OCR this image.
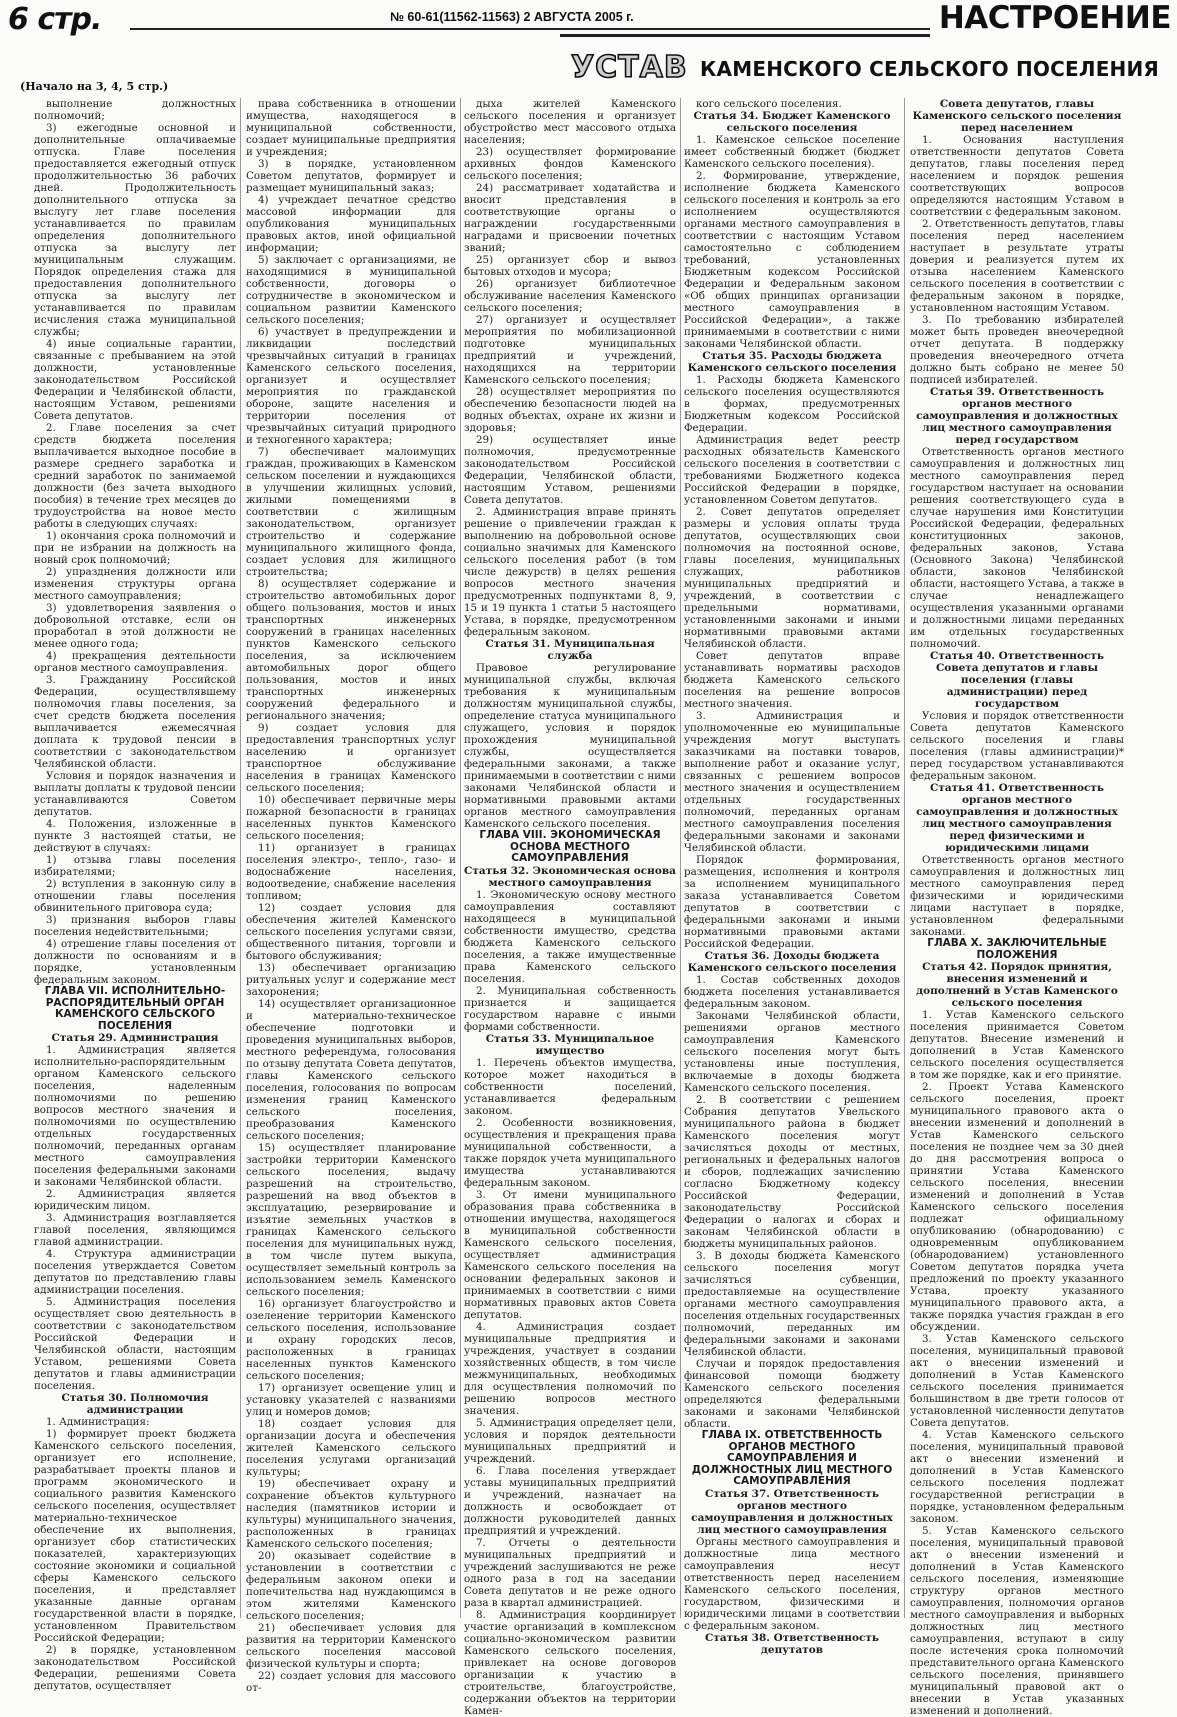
6 стр.	№ 60-61(11562-11563) 2 АВГУСТА 2005 г.	НАСТРОЕНИЕ
УСТАВ КАМЕНСКОГО СЕЛЬСКОГО ПОСЕЛЕНИЯ
(Начало на 3, 4, 5 стр.)

выполнение должностных полномочий;

3) ежегодные основной и дополнительные оплачиваемые отпуска. Главе поселения предоставляется ежегодный отпуск продолжительностью 36 рабочих дней. Продолжительность дополнительного отпуска за выслугу лет главе поселения устанавливается по правилам определения дополнительного отпуска за выслугу лет муниципальным служащим. Порядок определения стажа для предоставления дополнительного отпуска за выслугу лет устанавливается по правилам исчисления стажа муниципальной службы;

4) иные социальные гарантии, связанные с пребыванием на этой должности, установленные законодательством Российской Федерации и Челябинской области, настоящим Уставом, решениями Совета депутатов.

2. Главе поселения за счет средств бюджета поселения выплачивается выходное пособие в размере среднего заработка и средний заработок по занимаемой должности (без зачета выходного пособия) в течение трех месяцев до трудоустройства на новое место работы в следующих случаях:

1) окончания срока полномочий и при не избрании на должность на новый срок полномочий;

2) упразднения должности или изменения структуры органа местного самоуправления;

3) удовлетворения заявления о добровольной отставке, если он проработал в этой должности не менее одного года;

4) прекращения деятельности органов местного самоуправления.

3. Гражданину Российской Федерации, осуществлявшему полномочия главы поселения, за счет средств бюджета поселения выплачивается ежемесячная доплата к трудовой пенсии в соответствии с законодательством Челябинской области.

Условия и порядок назначения и выплаты доплаты к трудовой пенсии устанавливаются Советом депутатов.

4. Положения, изложенные в пункте 3 настоящей статьи, не действуют в случаях:

1) отзыва главы поселения избирателями;

2) вступления в законную силу в отношении главы поселения обвинительного приговора суда;

3) признания выборов главы поселения недействительными;

4) отрешение главы поселения от должности по основаниям и в порядке, установленным федеральным законом.

ГЛАВА VII. ИСПОЛНИТЕЛЬНО-РАСПОРЯДИТЕЛЬНЫЙ ОРГАН КАМЕНСКОГО СЕЛЬСКОГО ПОСЕЛЕНИЯ

Статья 29. Администрация

1. Администрация является исполнительно-распорядительным органом Каменского сельского поселения, наделенным полномочиями по решению вопросов местного значения и полномочиями по осуществлению отдельных государственных полномочий, переданных органам местного самоуправления поселения федеральными законами и законами Челябинской области.

2. Администрация является юридическим лицом.

3. Администрация возглавляется главой поселения, являющимся главой администрации.

4. Структура администрации поселения утверждается Советом депутатов по представлению главы администрации поселения.

5. Администрация поселения осуществляет свою деятельность в соответствии с законодательством Российской Федерации и Челябинской области, настоящим Уставом, решениями Совета депутатов и главы администрации поселения.

Статья 30. Полномочия администрации

1. Администрация:

1) формирует проект бюджета Каменского сельского поселения, организует его исполнение, разрабатывает проекты планов и программ экономического и социального развития Каменского сельского поселения, осуществляет материально-техническое обеспечение их выполнения, организует сбор статистических показателей, характеризующих состояние экономики и социальной сферы Каменского сельского поселения, и представляет указанные данные органам государственной власти в порядке, установленном Правительством Российской Федерации;

2) в порядке, установленном законодательством Российской Федерации, решениями Совета депутатов, осуществляет

права собственника в отношении имущества, находящегося в муниципальной собственности, создает муниципальные предприятия и учреждения;

3) в порядке, установленном Советом депутатов, формирует и размещает муниципальный заказ;

4) учреждает печатное средство массовой информации для опубликования муниципальных правовых актов, иной официальной информации;

5) заключает с организациями, не находящимися в муниципальной собственности, договоры о сотрудничестве в экономическом и социальном развитии Каменского сельского поселения;

6) участвует в предупреждении и ликвидации последствий чрезвычайных ситуаций в границах Каменского сельского поселения, организует и осуществляет мероприятия по гражданской обороне, защите населения и территории поселения от чрезвычайных ситуаций природного и техногенного характера;

7) обеспечивает малоимущих граждан, проживающих в Каменском сельском поселении и нуждающихся в улучшении жилищных условий, жилыми помещениями в соответствии с жилищным законодательством, организует строительство и содержание муниципального жилищного фонда, создает условия для жилищного строительства;

8) осуществляет содержание и строительство автомобильных дорог общего пользования, мостов и иных транспортных инженерных сооружений в границах населенных пунктов Каменского сельского поселения, за исключением автомобильных дорог общего пользования, мостов и иных транспортных инженерных сооружений федерального и регионального значения;

9) создает условия для предоставления транспортных услуг населению и организует транспортное обслуживание населения в границах Каменского сельского поселения;

10) обеспечивает первичные меры пожарной безопасности в границах населенных пунктов Каменского сельского поселения;

11) организует в границах поселения электро-, тепло-, газо- и водоснабжение населения, водоотведение, снабжение населения топливом;

12) создает условия для обеспечения жителей Каменского сельского поселения услугами связи, общественного питания, торговли и бытового обслуживания;

13) обеспечивает организацию ритуальных услуг и содержание мест захоронения;

14) осуществляет организационное и материально-техническое обеспечение подготовки и проведения муниципальных выборов, местного референдума, голосования по отзыву депутата Совета депутатов, главы Каменского сельского поселения, голосования по вопросам изменения границ Каменского сельского поселения, преобразования Каменского сельского поселения;

15) осуществляет планирование застройки территории Каменского сельского поселения, выдачу разрешений на строительство, разрешений на ввод объектов в эксплуатацию, резервирование и изъятие земельных участков в границах Каменского сельского поселения для муниципальных нужд, в том числе путем выкупа, осуществляет земельный контроль за использованием земель Каменского сельского поселения;

16) организует благоустройство и озеленение территории Каменского сельского поселения, использование и охрану городских лесов, расположенных в границах населенных пунктов Каменского сельского поселения;

17) организует освещение улиц и установку указателей с названиями улиц и номеров домов;

18) создает условия для организации досуга и обеспечения жителей Каменского сельского поселения услугами организаций культуры;

19) обеспечивает охрану и сохранение объектов культурного наследия (памятников истории и культуры) муниципального значения, расположенных в границах Каменского сельского поселения;

20) оказывает содействие в установлении в соответствии с федеральным законом опеки и попечительства над нуждающимся в этом жителями Каменского сельского поселения;

21) обеспечивает условия для развития на территории Каменского сельского поселения массовой физической культуры и спорта;

22) создает условия для массового от-

дыха жителей Каменского сельского поселения и организует обустройство мест массового отдыха населения;

23) осуществляет формирование архивных фондов Каменского сельского поселения;

24) рассматривает ходатайства и вносит представления в соответствующие органы о награждении государственными наградами и присвоении почетных званий;

25) организует сбор и вывоз бытовых отходов и мусора;

26) организует библиотечное обслуживание населения Каменского сельского поселения;

27) организует и осуществляет мероприятия по мобилизационной подготовке муниципальных предприятий и учреждений, находящихся на территории Каменского сельского поселения;

28) осуществляет мероприятия по обеспечению безопасности людей на водных объектах, охране их жизни и здоровья;

29) осуществляет иные полномочия, предусмотренные законодательством Российской Федерации, Челябинской области, настоящим Уставом, решениями Совета депутатов.

2. Администрация вправе принять решение о привлечении граждан к выполнению на добровольной основе социально значимых для Каменского сельского поселения работ (в том числе дежурств) в целях решения вопросов местного значения предусмотренных подпунктами 8, 9, 15 и 19 пункта 1 статьи 5 настоящего Устава, в порядке, предусмотренном федеральным законом.

Статья 31. Муниципальная служба

Правовое регулирование муниципальной службы, включая требования к муниципальным должностям муниципальной службы, определение статуса муниципального служащего, условия и порядок прохождения муниципальной службы, осуществляется федеральными законами, а также принимаемыми в соответствии с ними законами Челябинской области и нормативными правовыми актами органов местного самоуправления Каменского сельского поселения.

ГЛАВА VIII. ЭКОНОМИЧЕСКАЯ ОСНОВА МЕСТНОГО САМОУПРАВЛЕНИЯ

Статья 32. Экономическая основа местного самоуправления

1. Экономическую основу местного самоуправления составляют находящееся в муниципальной собственности имущество, средства бюджета Каменского сельского поселения, а также имущественные права Каменского сельского поселения.

2. Муниципальная собственность признается и защищается государством наравне с иными формами собственности.

Статья 33. Муниципальное имущество

1. Перечень объектов имущества, которое может находиться в собственности поселений, устанавливается федеральным законом.

2. Особенности возникновения, осуществления и прекращения права муниципальной собственности, а также порядок учета муниципального имущества устанавливаются федеральным законом.

3. От имени муниципального образования права собственника в отношении имущества, находящегося в муниципальной собственности Каменского сельского поселения, осуществляет администрация Каменского сельского поселения на основании федеральных законов и принимаемых в соответствии с ними нормативных правовых актов Совета депутатов.

4. Администрация создает муниципальные предприятия и учреждения, участвует в создании хозяйственных обществ, в том числе межмуниципальных, необходимых для осуществления полномочий по решению вопросов местного значения.

5. Администрация определяет цели, условия и порядок деятельности муниципальных предприятий и учреждений.

6. Глава поселения утверждает уставы муниципальных предприятий и учреждений, назначает на должность и освобождает от должности руководителей данных предприятий и учреждений.

7. Отчеты о деятельности муниципальных предприятий и учреждений заслушиваются не реже одного раза в год на заседании Совета депутатов и не реже одного раза в квартал администрацией.

8. Администрация координирует участие организаций в комплексном социально-экономическом развитии Каменского сельского поселения, привлекает на основе договоров организации к участию в строительстве, благоустройстве, содержании объектов на территории Камен-

кого сельского поселения.

Статья 34. Бюджет Каменского сельского поселения

1. Каменское сельское поселение имеет собственный бюджет (бюджет Каменского сельского поселения).

2. Формирование, утверждение, исполнение бюджета Каменского сельского поселения и контроль за его исполнением осуществляются органами местного самоуправления в соответствии с настоящим Уставом самостоятельно с соблюдением требований, установленных Бюджетным кодексом Российской Федерации и Федеральным законом «Об общих принципах организации местного самоуправления в Российской Федерации», а также принимаемыми в соответствии с ними законами Челябинской области.

Статья 35. Расходы бюджета Каменского сельского поселения

1. Расходы бюджета Каменского сельского поселения осуществляются в формах, предусмотренных Бюджетным кодексом Российской Федерации.

Администрация ведет реестр расходных обязательств Каменского сельского поселения в соответствии с требованиями Бюджетного кодекса Российской Федерации в порядке, установленном Советом депутатов.

2. Совет депутатов определяет размеры и условия оплаты труда депутатов, осуществляющих свои полномочия на постоянной основе, главы поселения, муниципальных служащих, работников муниципальных предприятий и учреждений, в соответствии с предельными нормативами, установленными законами и иными нормативными правовыми актами Челябинской области.

Совет депутатов вправе устанавливать нормативы расходов бюджета Каменского сельского поселения на решение вопросов местного значения.

3. Администрация и уполномоченные ею муниципальные учреждения могут выступать заказчиками на поставки товаров, выполнение работ и оказание услуг, связанных с решением вопросов местного значения и осуществлением отдельных государственных полномочий, переданных органам местного самоуправления поселения федеральными законами и законами Челябинской области.

Порядок формирования, размещения, исполнения и контроля за исполнением муниципального заказа устанавливается Советом депутатов в соответствии с федеральными законами и иными нормативными правовыми актами Российской Федерации.

Статья 36. Доходы бюджета Каменского сельского поселения

1. Состав собственных доходов бюджета поселения устанавливается федеральным законом.

Законами Челябинской области, решениями органов местного самоуправления Каменского сельского поселения могут быть установлены иные поступления, включаемые в доходы бюджета Каменского сельского поселения.

2. В соответствии с решением Собрания депутатов Увельского муниципального района в бюджет Каменского поселения могут зачисляться доходы от местных, региональных и федеральных налогов и сборов, подлежащих зачислению согласно Бюджетному кодексу Российской Федерации, законодательству Российской Федерации о налогах и сборах и законам Челябинской области в бюджеты муниципальных районов.

3. В доходы бюджета Каменского сельского поселения могут зачисляться субвенции, предоставляемые на осуществление органами местного самоуправления поселения отдельных государственных полномочий, переданных им федеральными законами и законами Челябинской области.

Случаи и порядок предоставления финансовой помощи бюджету Каменского сельского поселения определяются федеральными законами и законами Челябинской области.

ГЛАВА IX. ОТВЕТСТВЕННОСТЬ ОРГАНОВ МЕСТНОГО САМОУПРАВЛЕНИЯ И ДОЛЖНОСТНЫХ ЛИЦ МЕСТНОГО САМОУПРАВЛЕНИЯ

Статья 37. Ответственность органов местного самоуправления и должностных лиц местного самоуправления

Органы местного самоуправления и должностные лица местного самоуправления несут ответственность перед населением Каменского сельского поселения, государством, физическими и юридическими лицами в соответствии с федеральным законом.

Статья 38. Ответственность депутатов

Совета депутатов, главы Каменского сельского поселения перед населением

1. Основания наступления ответственности депутатов Совета депутатов, главы поселения перед населением и порядок решения соответствующих вопросов определяются настоящим Уставом в соответствии с федеральным законом.

2. Ответственность депутатов, главы поселения перед населением наступает в результате утраты доверия и реализуется путем их отзыва населением Каменского сельского поселения в соответствии с федеральным законом в порядке, установленном настоящим Уставом.

3. По требованию избирателей может быть проведен внеочередной отчет депутата. В поддержку проведения внеочередного отчета должно быть собрано не менее 50 подписей избирателей.

Статья 39. Ответственность органов местного самоуправления и должностных лиц местного самоуправления перед государством

Ответственность органов местного самоуправления и должностных лиц местного самоуправления перед государством наступает на основании решения соответствующего суда в случае нарушения ими Конституции Российской Федерации, федеральных конституционных законов, федеральных законов, Устава (Основного Закона) Челябинской области, законов Челябинской области, настоящего Устава, а также в случае ненадлежащего осуществления указанными органами и должностными лицами переданных им отдельных государственных полномочий.

Статья 40. Ответственность Совета депутатов и главы поселения (главы администрации) перед государством

Условия и порядок ответственности Совета депутатов Каменского сельского поселения и главы поселения (главы администрации)* перед государством устанавливаются федеральным законом.

Статья 41. Ответственность органов местного самоуправления и должностных лиц местного самоуправления перед физическими и юридическими лицами

Ответственность органов местного самоуправления и должностных лиц местного самоуправления перед физическими и юридическими лицами наступает в порядке, установленном федеральными законами.

ГЛАВА X. ЗАКЛЮЧИТЕЛЬНЫЕ ПОЛОЖЕНИЯ

Статья 42. Порядок принятия, внесения изменений и дополнений в Устав Каменского сельского поселения

1. Устав Каменского сельского поселения принимается Советом депутатов. Внесение изменений и дополнений в Устав Каменского сельского поселения осуществляется в том же порядке, как и его принятие.

2. Проект Устава Каменского сельского поселения, проект муниципального правового акта о внесении изменений и дополнений в Устав Каменского сельского поселения не позднее чем за 30 дней до дня рассмотрения вопроса о принятии Устава Каменского сельского поселения, внесении изменений и дополнений в Устав Каменского сельского поселения подлежат официальному опубликованию (обнародованию) с одновременным опубликованием (обнародованием) установленного Советом депутатов порядка учета предложений по проекту указанного Устава, проекту указанного муниципального правового акта, а также порядка участия граждан в его обсуждении.

3. Устав Каменского сельского поселения, муниципальный правовой акт о внесении изменений и дополнений в Устав Каменского сельского поселения принимается большинством в две трети голосов от установленной численности депутатов Совета депутатов.

4. Устав Каменского сельского поселения, муниципальный правовой акт о внесении изменений и дополнений в Устав Каменского сельского поселения подлежат государственной регистрации в порядке, установленном федеральным законом.

5. Устав Каменского сельского поселения, муниципальный правовой акт о внесении изменений и дополнений в Устав Каменского сельского поселения, изменяющие структуру органов местного самоуправления, полномочия органов местного самоуправления и выборных должностных лиц местного самоуправления, вступают в силу после истечения срока полномочий представительного органа Каменского сельского поселения, принявшего муниципальный правовой акт о внесении в Устав указанных изменений и дополнений.
